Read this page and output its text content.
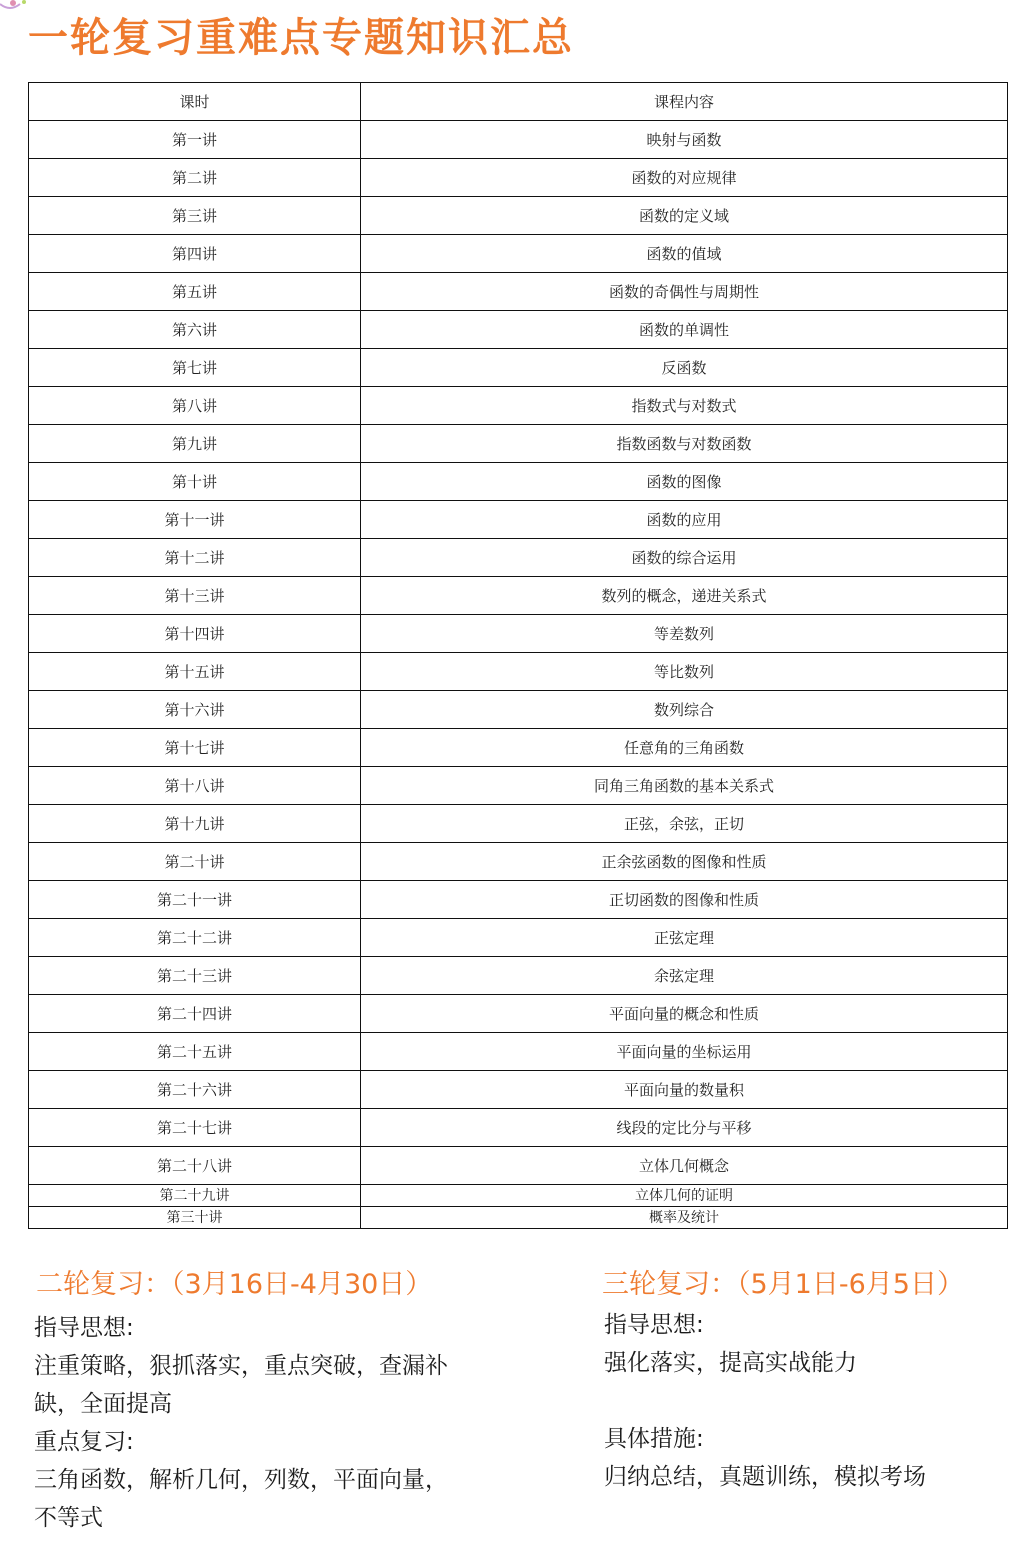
一轮复习重难点专题知识汇总
课时	课程内容
第一讲	映射与函数
第二讲	函数的对应规律
第三讲	函数的定义域
第四讲	函数的值域
第五讲	函数的奇偶性与周期性
第六讲	函数的单调性
第七讲	反函数
第八讲	指数式与对数式
第九讲	指数函数与对数函数
第十讲	函数的图像
第十一讲	函数的应用
第十二讲	函数的综合运用
第十三讲	数列的概念，递进关系式
第十四讲	等差数列
第十五讲	等比数列
第十六讲	数列综合
第十七讲	任意角的三角函数
第十八讲	同角三角函数的基本关系式
第十九讲	正弦，余弦，正切
第二十讲	正余弦函数的图像和性质
第二十一讲	正切函数的图像和性质
第二十二讲	正弦定理
第二十三讲	余弦定理
第二十四讲	平面向量的概念和性质
第二十五讲	平面向量的坐标运用
第二十六讲	平面向量的数量积
第二十七讲	线段的定比分与平移
第二十八讲	立体几何概念
第二十九讲	立体几何的证明
第三十讲	概率及统计
二轮复习：（3月16日-4月30日）
指导思想:
注重策略，狠抓落实，重点突破，查漏补
缺，全面提高
重点复习:
三角函数，解析几何，列数，平面向量，
不等式
三轮复习：（5月1日-6月5日）
指导思想:
强化落实，提高实战能力
具体措施:
归纳总结，真题训练，模拟考场
